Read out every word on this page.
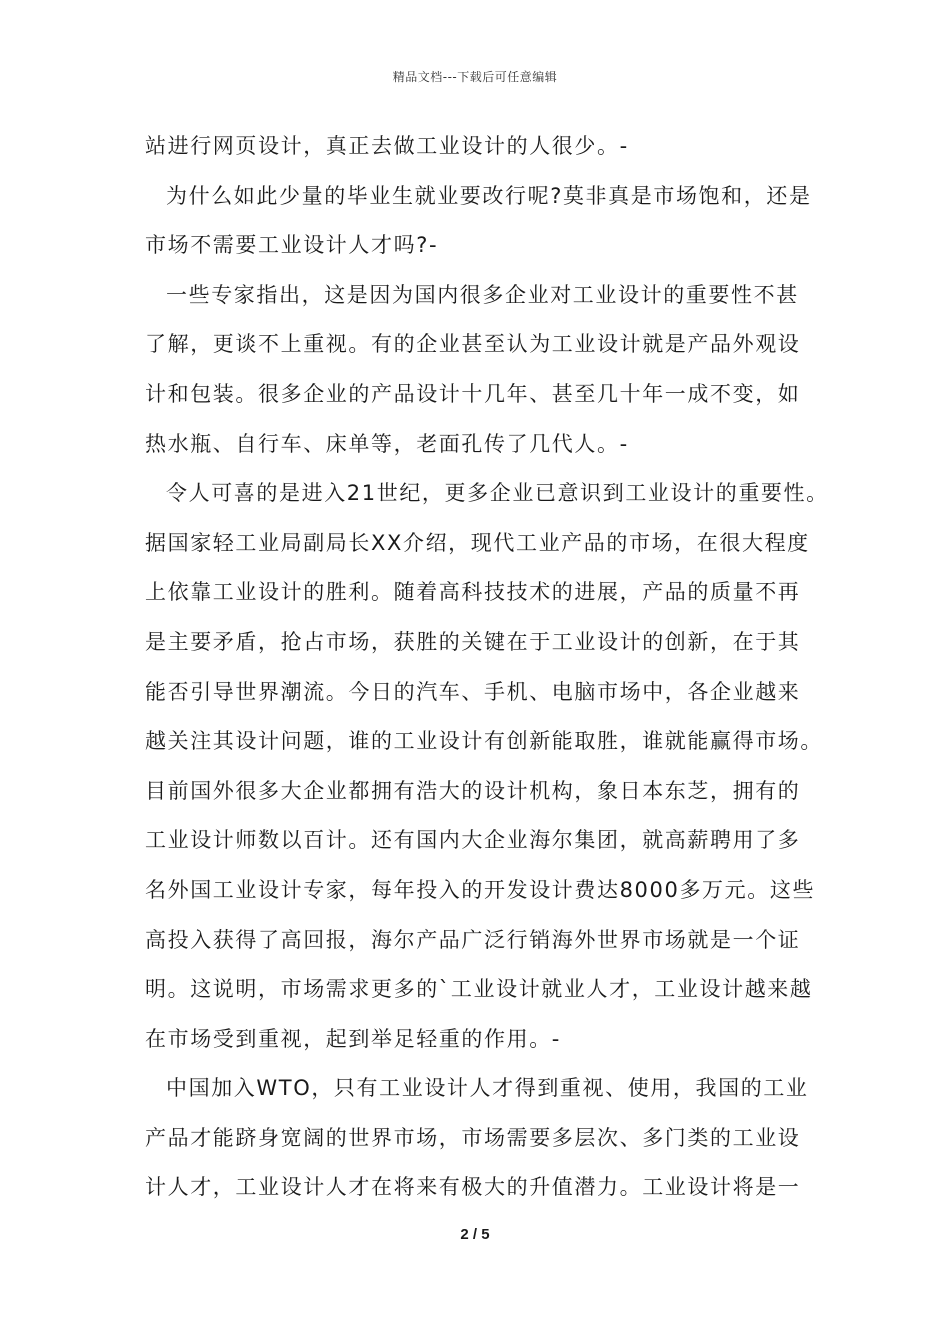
精品文档---下载后可任意编辑
站进行网页设计，真正去做工业设计的人很少。-
为什么如此少量的毕业生就业要改行呢?莫非真是市场饱和，还是
市场不需要工业设计人才吗?-
一些专家指出，这是因为国内很多企业对工业设计的重要性不甚
了解，更谈不上重视。有的企业甚至认为工业设计就是产品外观设
计和包装。很多企业的产品设计十几年、甚至几十年一成不变，如
热水瓶、自行车、床单等，老面孔传了几代人。-
令人可喜的是进入21世纪，更多企业已意识到工业设计的重要性。
据国家轻工业局副局长XX介绍，现代工业产品的市场，在很大程度
上依靠工业设计的胜利。随着高科技技术的进展，产品的质量不再
是主要矛盾，抢占市场，获胜的关键在于工业设计的创新，在于其
能否引导世界潮流。今日的汽车、手机、电脑市场中，各企业越来
越关注其设计问题，谁的工业设计有创新能取胜，谁就能赢得市场。
目前国外很多大企业都拥有浩大的设计机构，象日本东芝，拥有的
工业设计师数以百计。还有国内大企业海尔集团，就高薪聘用了多
名外国工业设计专家，每年投入的开发设计费达8000多万元。这些
高投入获得了高回报，海尔产品广泛行销海外世界市场就是一个证
明。这说明，市场需求更多的`工业设计就业人才，工业设计越来越
在市场受到重视，起到举足轻重的作用。-
中国加入WTO，只有工业设计人才得到重视、使用，我国的工业
产品才能跻身宽阔的世界市场，市场需要多层次、多门类的工业设
计人才，工业设计人才在将来有极大的升值潜力。工业设计将是一
2 / 5
